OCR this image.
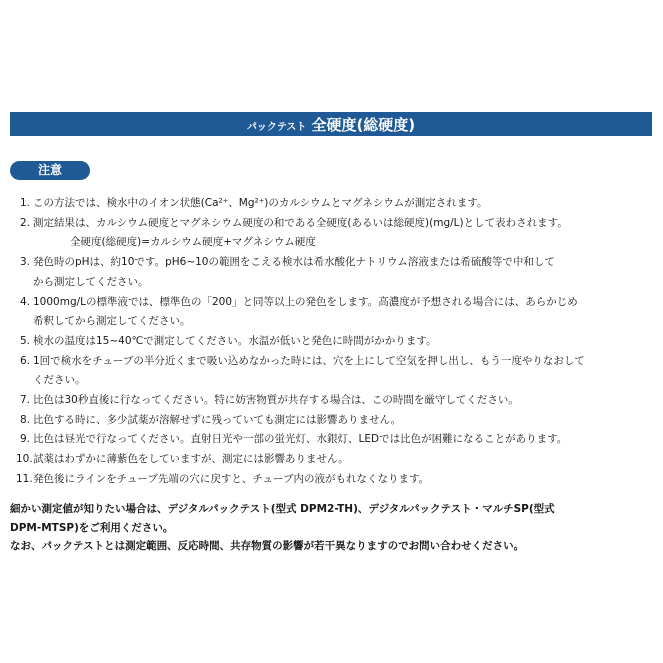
パックテスト 全硬度(総硬度)
注意
1. この方法では、検水中のイオン状態(Ca²⁺、Mg²⁺)のカルシウムとマグネシウムが測定されます。
2. 測定結果は、カルシウム硬度とマグネシウム硬度の和である全硬度(あるいは総硬度)(mg/L)として表わされます。
全硬度(総硬度)=カルシウム硬度+マグネシウム硬度
3. 発色時のpHは、約10です。pH6~10の範囲をこえる検水は希水酸化ナトリウム溶液または希硫酸等で中和して
から測定してください。
4. 1000mg/Lの標準液では、標準色の「200」と同等以上の発色をします。高濃度が予想される場合には、あらかじめ
希釈してから測定してください。
5. 検水の温度は15~40℃で測定してください。水温が低いと発色に時間がかかります。
6. 1回で検水をチューブの半分近くまで吸い込めなかった時には、穴を上にして空気を押し出し、もう一度やりなおして
ください。
7. 比色は30秒直後に行なってください。特に妨害物質が共存する場合は、この時間を厳守してください。
8. 比色する時に、多少試薬が溶解せずに残っていても測定には影響ありません。
9. 比色は昼光で行なってください。直射日光や一部の蛍光灯、水銀灯、LEDでは比色が困難になることがあります。
10. 試薬はわずかに薄紫色をしていますが、測定には影響ありません。
11. 発色後にラインをチューブ先端の穴に戻すと、チューブ内の液がもれなくなります。

細かい測定値が知りたい場合は、デジタルパックテスト(型式 DPM2-TH)、デジタルパックテスト・マルチSP(型式

DPM-MTSP)をご利用ください。

なお、パックテストとは測定範囲、反応時間、共存物質の影響が若干異なりますのでお問い合わせください。
